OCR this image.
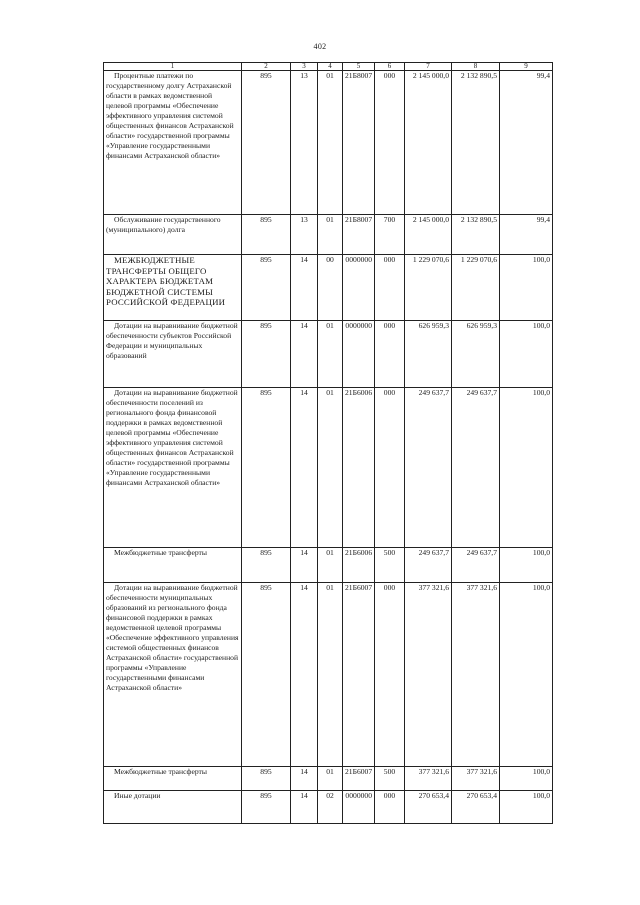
402
1	2	3	4	5	6	7	8	9

Процентные платежи по государственному долгу Астраханской области в рамках ведомственной целевой программы «Обеспечение эффективного управления системой общественных финансов Астраханской области» государственной программы «Управление государственными финансами Астраханской области»	895	13	01	21Б8007	000	2 145 000,0	2 132 890,5	99,4

Обслуживание государственного (муниципального) долга	895	13	01	21Б8007	700	2 145 000,0	2 132 890,5	99,4

МЕЖБЮДЖЕТНЫЕ ТРАНСФЕРТЫ ОБЩЕГО ХАРАКТЕРА БЮДЖЕТАМ БЮДЖЕТНОЙ СИСТЕМЫ РОССИЙСКОЙ ФЕДЕРАЦИИ	895	14	00	0000000	000	1 229 070,6	1 229 070,6	100,0

Дотации на выравнивание бюджетной обеспеченности субъектов Российской Федерации и муниципальных образований	895	14	01	0000000	000	626 959,3	626 959,3	100,0

Дотации на выравнивание бюджетной обеспеченности поселений из регионального фонда финансовой поддержки в рамках ведомственной целевой программы «Обеспечение эффективного управления системой общественных финансов Астраханской области» государственной программы «Управление государственными финансами Астраханской области»	895	14	01	21Б6006	000	249 637,7	249 637,7	100,0

Межбюджетные трансферты	895	14	01	21Б6006	500	249 637,7	249 637,7	100,0

Дотации на выравнивание бюджетной обеспеченности муниципальных образований из регионального фонда финансовой поддержки в рамках ведомственной целевой программы «Обеспечение эффективного управления системой общественных финансов Астраханской области» государственной программы «Управление государственными финансами Астраханской области»	895	14	01	21Б6007	000	377 321,6	377 321,6	100,0

Межбюджетные трансферты	895	14	01	21Б6007	500	377 321,6	377 321,6	100,0

Иные дотации	895	14	02	0000000	000	270 653,4	270 653,4	100,0
